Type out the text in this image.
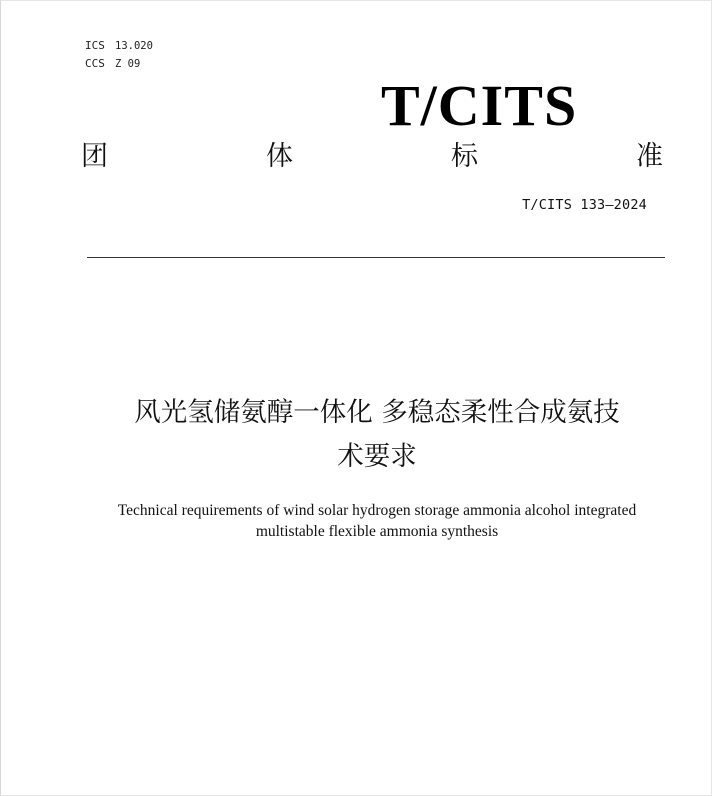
ICS 13.020
CCS Z 09
T/CITS
团	体	标	准
T/CITS 133—2024
风光氢储氨醇一体化 多稳态柔性合成氨技
术要求
Technical requirements of wind solar hydrogen storage ammonia alcohol integrated
multistable flexible ammonia synthesis
